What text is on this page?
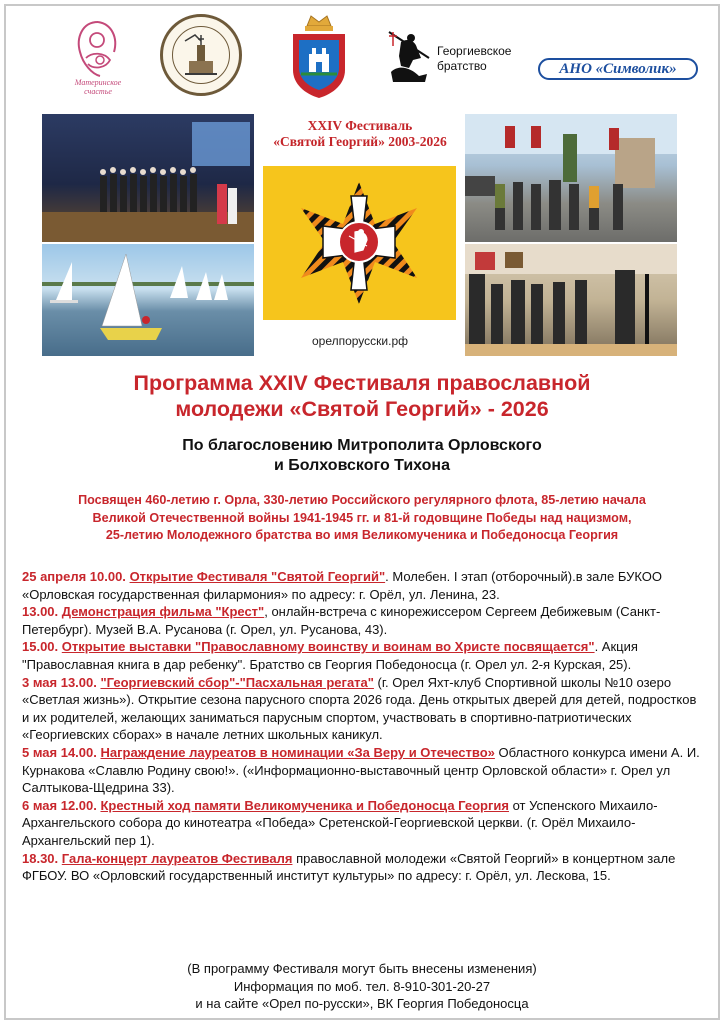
Материнское счастье
Георгиевское
братство	АНО «Символик»
XXIV Фестиваль
«Святой Георгий» 2003-2026
орелпорусски.рф
Программа XXIV Фестиваля православной
молодежи «Святой Георгий» - 2026
По благословению Митрополита Орловского
и Болховского Тихона
Посвящен 460-летию г. Орла, 330-летию Российского регулярного флота, 85-летию начала
Великой Отечественной войны 1941-1945 гг. и 81-й годовщине Победы над нацизмом,
25-летию Молодежного братства во имя Великомученика и Победоносца Георгия

25 апреля 10.00. Открытие Фестиваля "Святой Георгий". Молебен. I этап (отборочный).в зале БУКОО «Орловская государственная филармония» по адресу: г. Орёл, ул. Ленина, 23.

13.00. Демонстрация фильма "Крест", онлайн-встреча с кинорежиссером Сергеем Дебижевым (Санкт-Петербург). Музей В.А. Русанова (г. Орел, ул. Русанова, 43).

15.00. Открытие выставки "Православному воинству и воинам во Христе посвящается". Акция "Православная книга в дар ребенку". Братство св Георгия Победоносца (г. Орел ул. 2-я Курская, 25).

3 мая 13.00. "Георгиевский сбор"-"Пасхальная регата" (г. Орел Яхт-клуб Спортивной школы №10 озеро «Светлая жизнь»). Открытие сезона парусного спорта 2026 года. День открытых дверей для детей, подростков и их родителей, желающих заниматься парусным спортом, участвовать в спортивно-патриотических «Георгиевских сборах» в начале летних школьных каникул.

5 мая 14.00. Награждение лауреатов в номинации «За Веру и Отечество» Областного конкурса имени А. И. Курнакова «Славлю Родину свою!». («Информационно-выставочный центр Орловской области» г. Орел ул Салтыкова-Щедрина 33).

6 мая 12.00. Крестный ход памяти Великомученика и Победоносца Георгия от Успенского Михаило-Архангельского собора до кинотеатра «Победа» Сретенской-Георгиевской церкви. (г. Орёл Михаило-Архангельский пер 1).

18.30. Гала-концерт лауреатов Фестиваля православной молодежи «Святой Георгий» в концертном зале ФГБОУ. ВО «Орловский государственный институт культуры» по адресу: г. Орёл, ул. Лескова, 15.

(В программу Фестиваля могут быть внесены изменения)
Информация по моб. тел. 8-910-301-20-27
и на сайте «Орел по-русски», ВК Георгия Победоносца
